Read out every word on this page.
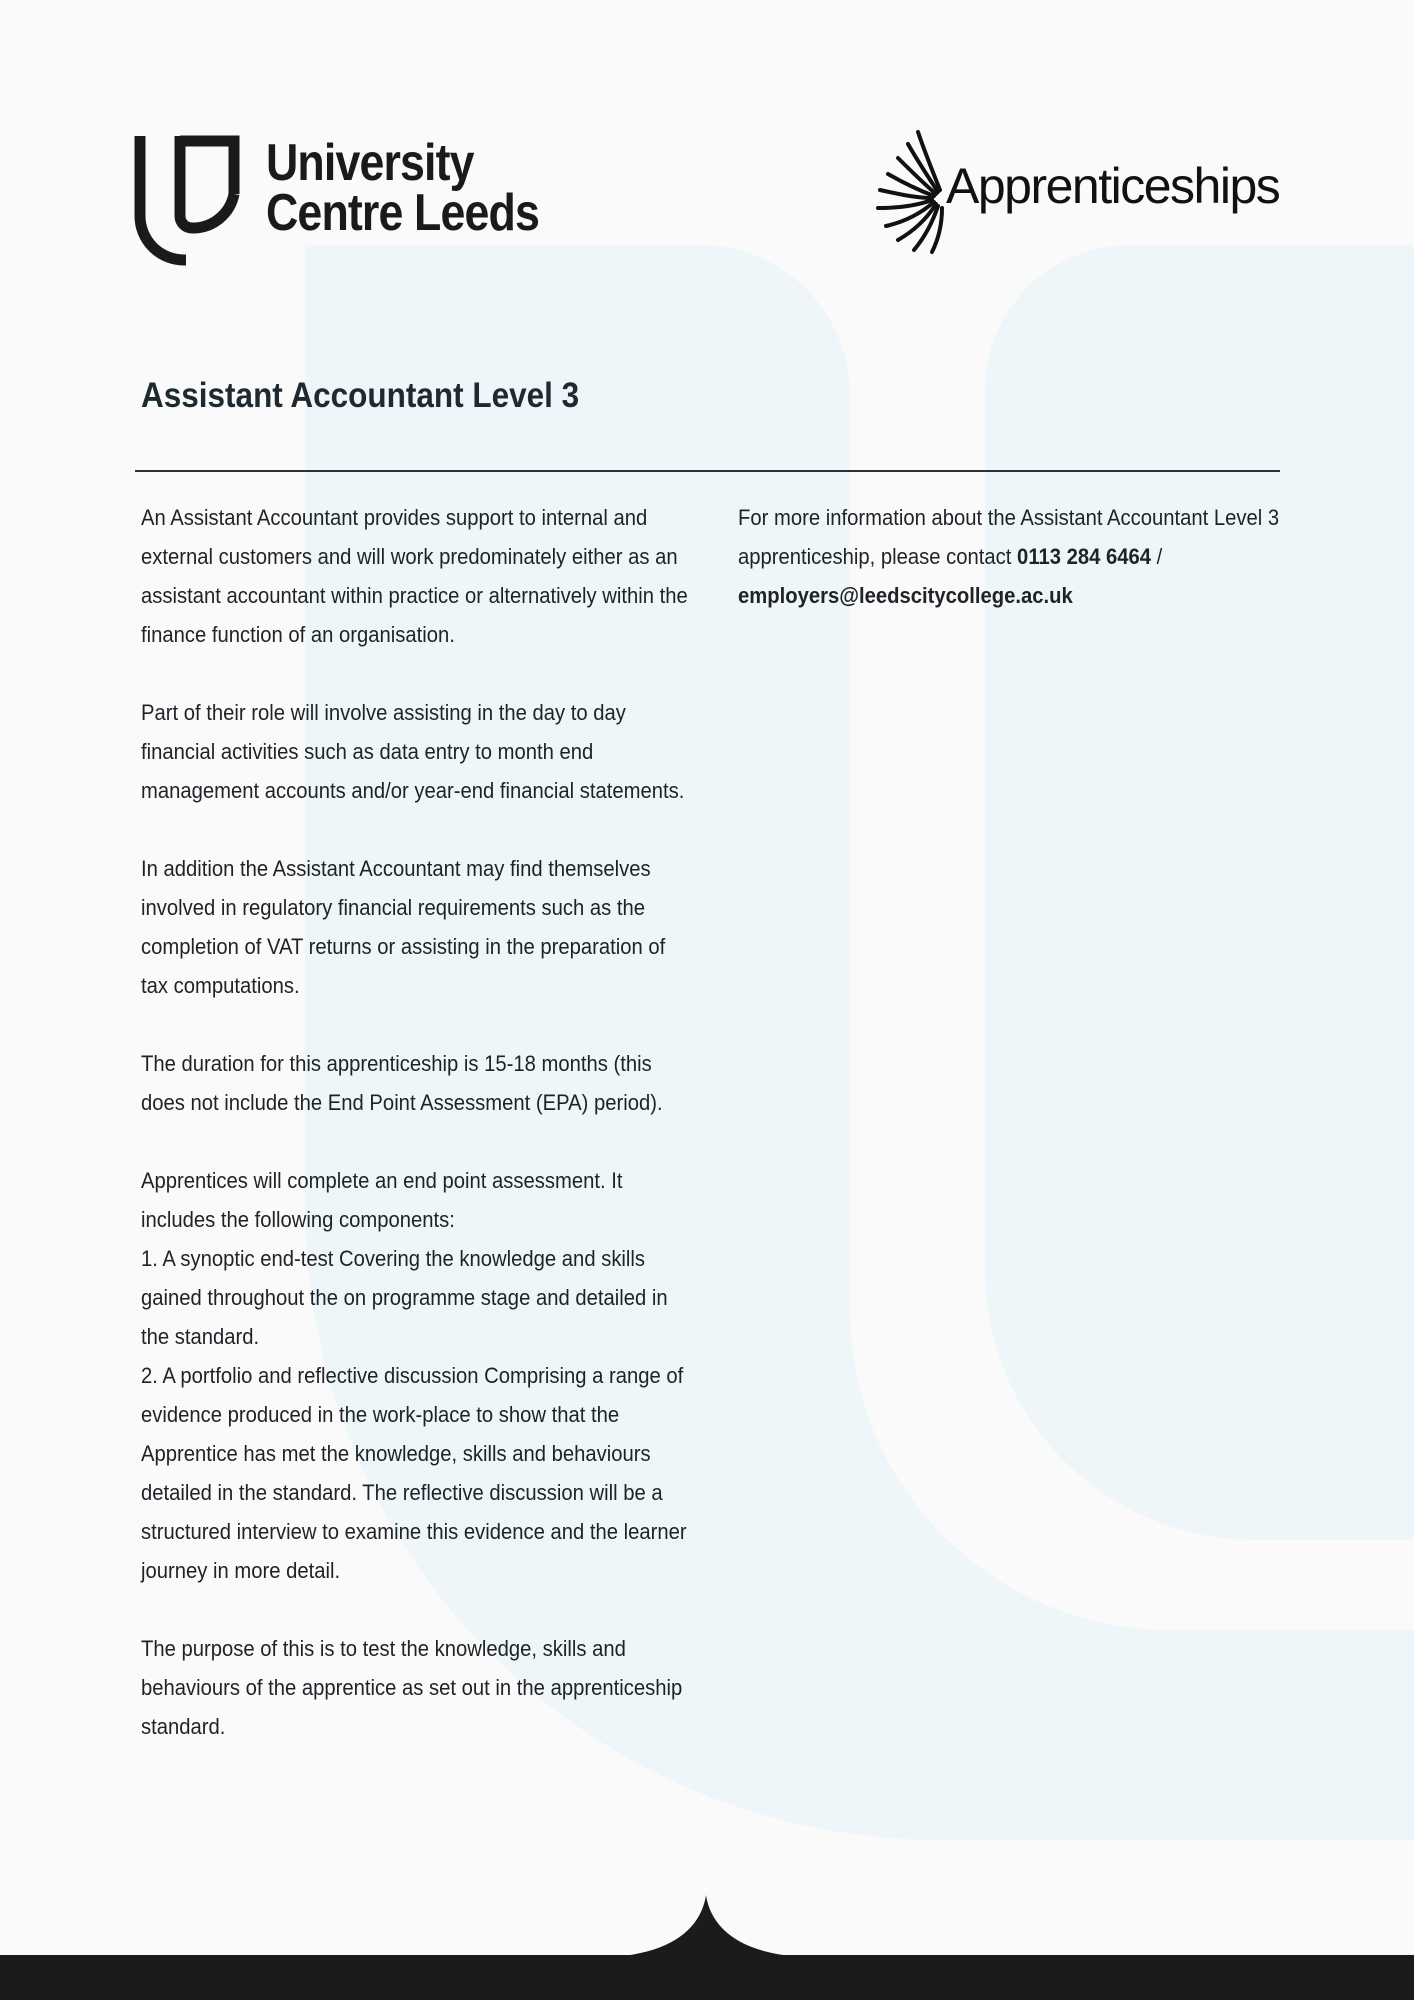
University
Centre Leeds	Apprenticeships
Assistant Accountant Level 3

An Assistant Accountant provides support to internal and external customers and will work predominately either as an assistant accountant within practice or alternatively within the finance function of an organisation.

Part of their role will involve assisting in the day to day financial activities such as data entry to month end management accounts and/or year-end financial statements.

In addition the Assistant Accountant may find themselves involved in regulatory financial requirements such as the completion of VAT returns or assisting in the preparation of tax computations.

The duration for this apprenticeship is 15-18 months (this does not include the End Point Assessment (EPA) period).

Apprentices will complete an end point assessment. It includes the following components:

1. A synoptic end-test Covering the knowledge and skills gained throughout the on programme stage and detailed in the standard.

2. A portfolio and reflective discussion Comprising a range of evidence produced in the work-place to show that the Apprentice has met the knowledge, skills and behaviours detailed in the standard. The reflective discussion will be a structured interview to examine this evidence and the learner journey in more detail.

The purpose of this is to test the knowledge, skills and behaviours of the apprentice as set out in the apprenticeship standard.

For more information about the Assistant Accountant Level 3 apprenticeship, please contact 0113 284 6464 / employers@leedscitycollege.ac.uk
